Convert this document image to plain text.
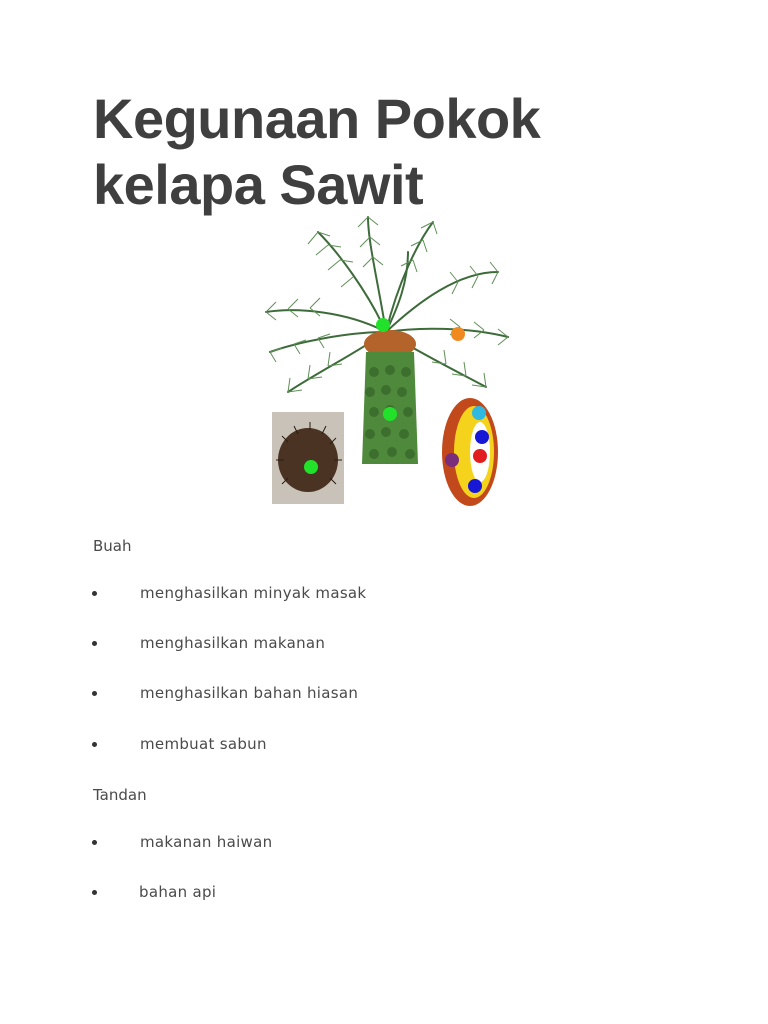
Kegunaan Pokok
kelapa Sawit

Buah

menghasilkan minyak masak
menghasilkan makanan
menghasilkan bahan hiasan
membuat sabun

Tandan

makanan haiwan
bahan api
